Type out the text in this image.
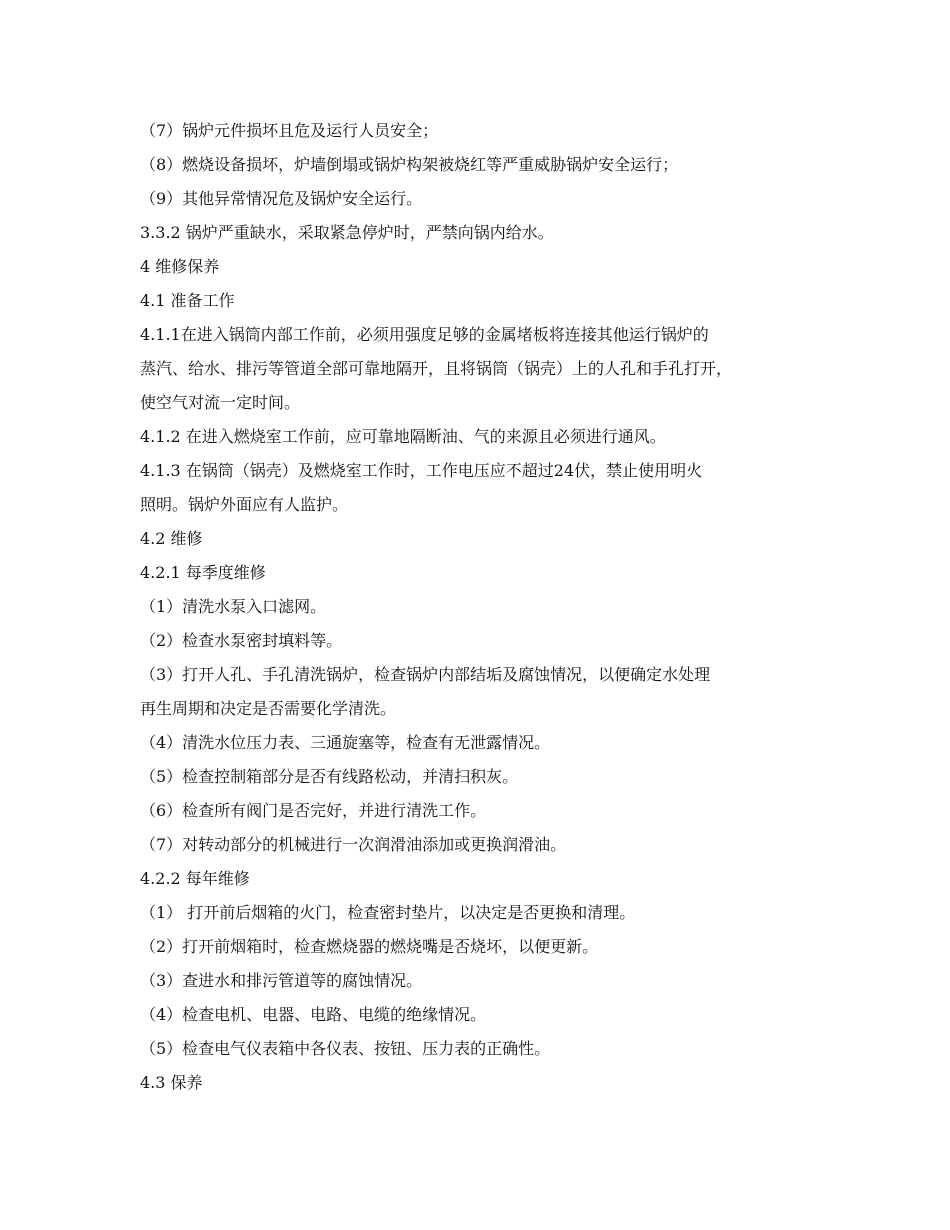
（7）锅炉元件损坏且危及运行人员安全；
（8）燃烧设备损坏，炉墙倒塌或锅炉构架被烧红等严重威胁锅炉安全运行；
（9）其他异常情况危及锅炉安全运行。
3.3.2 锅炉严重缺水，采取紧急停炉时，严禁向锅内给水。
4 维修保养
4.1 准备工作
4.1.1在进入锅筒内部工作前，必须用强度足够的金属堵板将连接其他运行锅炉的
蒸汽、给水、排污等管道全部可靠地隔开，且将锅筒（锅壳）上的人孔和手孔打开，
使空气对流一定时间。
4.1.2 在进入燃烧室工作前，应可靠地隔断油、气的来源且必须进行通风。
4.1.3 在锅筒（锅壳）及燃烧室工作时，工作电压应不超过24伏，禁止使用明火
照明。锅炉外面应有人监护。
4.2 维修
4.2.1 每季度维修
（1）清洗水泵入口滤网。
（2）检查水泵密封填料等。
（3）打开人孔、手孔清洗锅炉，检查锅炉内部结垢及腐蚀情况，以便确定水处理
再生周期和决定是否需要化学清洗。
（4）清洗水位压力表、三通旋塞等，检查有无泄露情况。
（5）检查控制箱部分是否有线路松动，并清扫积灰。
（6）检查所有阀门是否完好，并进行清洗工作。
（7）对转动部分的机械进行一次润滑油添加或更换润滑油。
4.2.2 每年维修
（1） 打开前后烟箱的火门，检查密封垫片，以决定是否更换和清理。
（2）打开前烟箱时，检查燃烧器的燃烧嘴是否烧坏，以便更新。
（3）查进水和排污管道等的腐蚀情况。
（4）检查电机、电器、电路、电缆的绝缘情况。
（5）检查电气仪表箱中各仪表、按钮、压力表的正确性。
4.3 保养
